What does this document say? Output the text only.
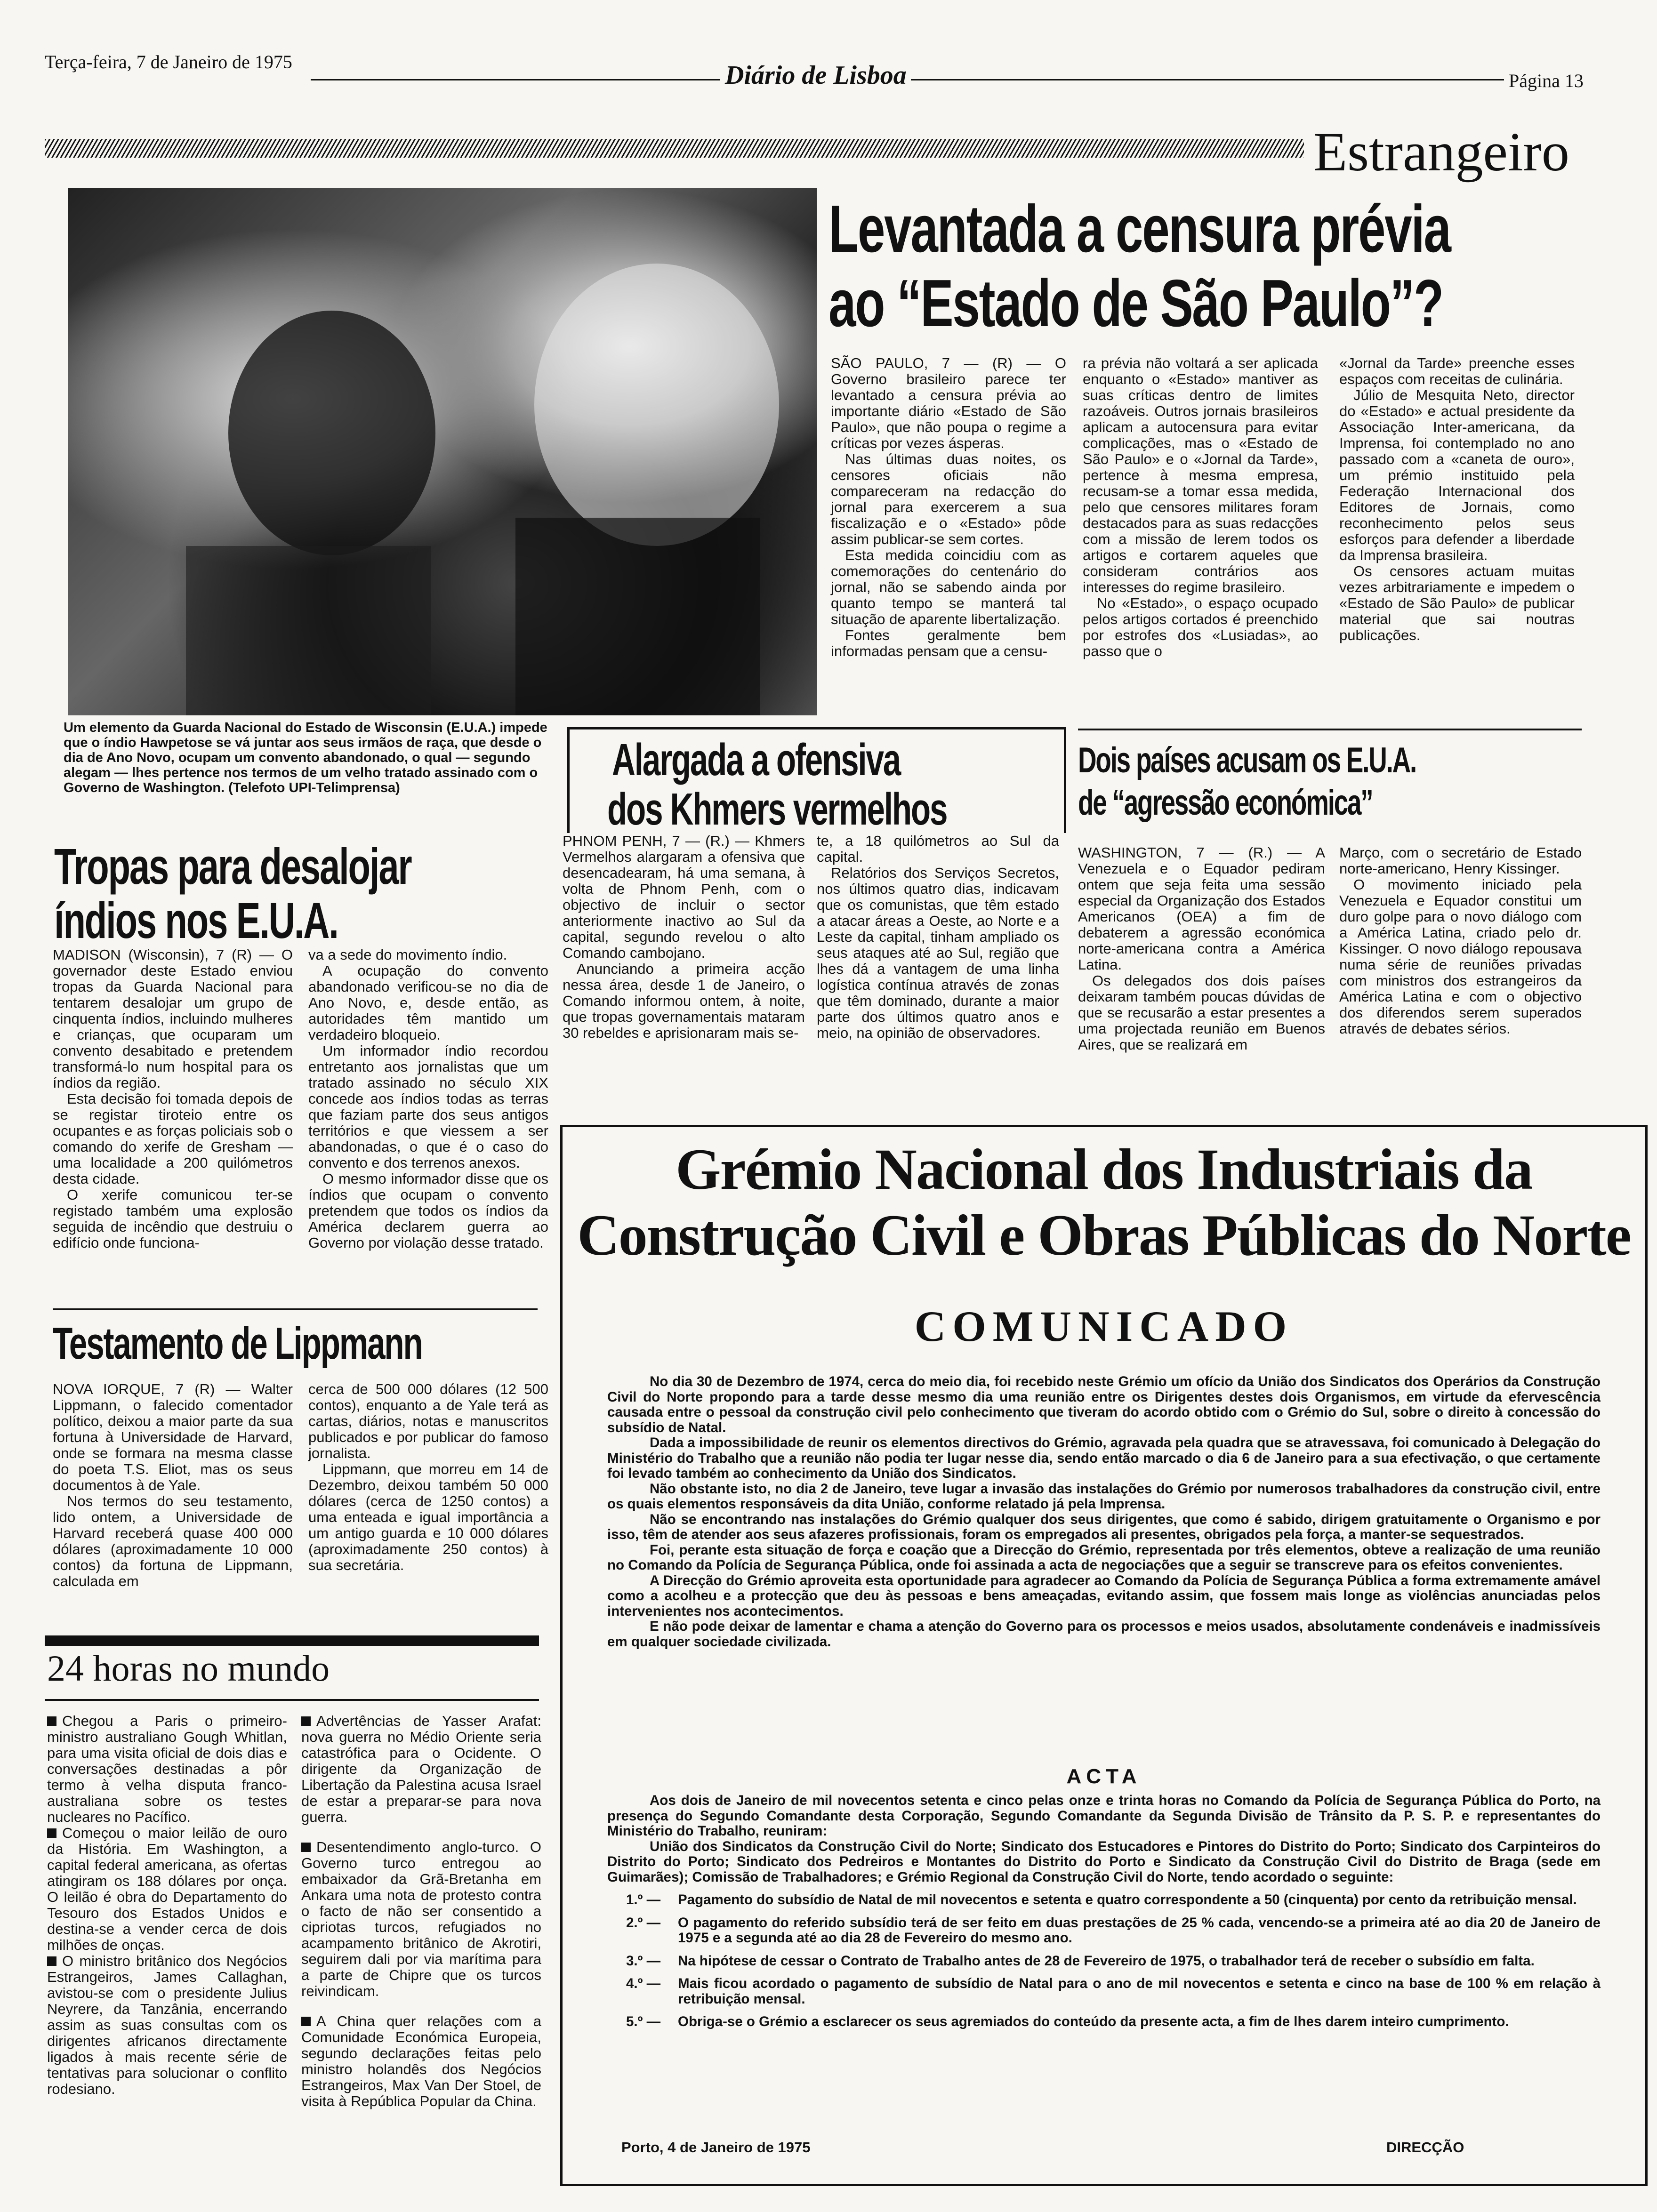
Terça-feira, 7 de Janeiro de 1975	Diário de Lisboa	Página 13
Estrangeiro
Um elemento da Guarda Nacional do Estado de Wisconsin (E.U.A.) impede que o índio Hawpetose se vá juntar aos seus irmãos de raça, que desde o dia de Ano Novo, ocupam um convento abandonado, o qual — segundo alegam — lhes pertence nos termos de um velho tratado assinado com o Governo de Washington. (Telefoto UPI-Telimprensa)
Levantada a censura prévia
ao “Estado de São Paulo”?

SÃO PAULO, 7 — (R) — O Governo brasileiro parece ter levantado a censura prévia ao importante diário «Estado de São Paulo», que não poupa o regime a críticas por vezes ásperas.

Nas últimas duas noites, os censores oficiais não compareceram na redacção do jornal para exercerem a sua fiscalização e o «Estado» pôde assim publicar-se sem cortes.

Esta medida coincidiu com as comemorações do centenário do jornal, não se sabendo ainda por quanto tempo se manterá tal situação de aparente libertalização.

Fontes geralmente bem informadas pensam que a censu-

ra prévia não voltará a ser aplicada enquanto o «Estado» mantiver as suas críticas dentro de limites razoáveis. Outros jornais brasileiros aplicam a autocensura para evitar complicações, mas o «Estado de São Paulo» e o «Jornal da Tarde», pertence à mesma empresa, recusam-se a tomar essa medida, pelo que censores militares foram destacados para as suas redacções com a missão de lerem todos os artigos e cortarem aqueles que consideram contrários aos interesses do regime brasileiro.

No «Estado», o espaço ocupado pelos artigos cortados é preenchido por estrofes dos «Lusiadas», ao passo que o

«Jornal da Tarde» preenche esses espaços com receitas de culinária.

Júlio de Mesquita Neto, director do «Estado» e actual presidente da Associação Inter-americana, da Imprensa, foi contemplado no ano passado com a «caneta de ouro», um prémio instituido pela Federação Internacional dos Editores de Jornais, como reconhecimento pelos seus esforços para defender a liberdade da Imprensa brasileira.

Os censores actuam muitas vezes arbitrariamente e impedem o «Estado de São Paulo» de publicar material que sai noutras publicações.

Alargada a ofensiva
dos Khmers vermelhos

PHNOM PENH, 7 — (R.) — Khmers Vermelhos alargaram a ofensiva que desencadearam, há uma semana, à volta de Phnom Penh, com o objectivo de incluir o sector anteriormente inactivo ao Sul da capital, segundo revelou o alto Comando cambojano.

Anunciando a primeira acção nessa área, desde 1 de Janeiro, o Comando informou ontem, à noite, que tropas governamentais mataram 30 rebeldes e aprisionaram mais se-

te, a 18 quilómetros ao Sul da capital.

Relatórios dos Serviços Secretos, nos últimos quatro dias, indicavam que os comunistas, que têm estado a atacar áreas a Oeste, ao Norte e a Leste da capital, tinham ampliado os seus ataques até ao Sul, região que lhes dá a vantagem de uma linha logística contínua através de zonas que têm dominado, durante a maior parte dos últimos quatro anos e meio, na opinião de observadores.

Dois países acusam os E.U.A.
de “agressão económica”

WASHINGTON, 7 — (R.) — A Venezuela e o Equador pediram ontem que seja feita uma sessão especial da Organização dos Estados Americanos (OEA) a fim de debaterem a agressão económica norte-americana contra a América Latina.

Os delegados dos dois países deixaram também poucas dúvidas de que se recusarão a estar presentes a uma projectada reunião em Buenos Aires, que se realizará em

Março, com o secretário de Estado norte-americano, Henry Kissinger.

O movimento iniciado pela Venezuela e Equador constitui um duro golpe para o novo diálogo com a América Latina, criado pelo dr. Kissinger. O novo diálogo repousava numa série de reuniões privadas com ministros dos estrangeiros da América Latina e com o objectivo dos diferendos serem superados através de debates sérios.

Tropas para desalojar
índios nos E.U.A.

MADISON (Wisconsin), 7 (R) — O governador deste Estado enviou tropas da Guarda Nacional para tentarem desalojar um grupo de cinquenta índios, incluindo mulheres e crianças, que ocuparam um convento desabitado e pretendem transformá-lo num hospital para os índios da região.

Esta decisão foi tomada depois de se registar tiroteio entre os ocupantes e as forças policiais sob o comando do xerife de Gresham — uma localidade a 200 quilómetros desta cidade.

O xerife comunicou ter-se registado também uma explosão seguida de incêndio que destruiu o edifício onde funciona-

va a sede do movimento índio.

A ocupação do convento abandonado verificou-se no dia de Ano Novo, e, desde então, as autoridades têm mantido um verdadeiro bloqueio.

Um informador índio recordou entretanto aos jornalistas que um tratado assinado no século XIX concede aos índios todas as terras que faziam parte dos seus antigos territórios e que viessem a ser abandonadas, o que é o caso do convento e dos terrenos anexos.

O mesmo informador disse que os índios que ocupam o convento pretendem que todos os índios da América declarem guerra ao Governo por violação desse tratado.

Testamento de Lippmann

NOVA IORQUE, 7 (R) — Walter Lippmann, o falecido comentador político, deixou a maior parte da sua fortuna à Universidade de Harvard, onde se formara na mesma classe do poeta T.S. Eliot, mas os seus documentos à de Yale.

Nos termos do seu testamento, lido ontem, a Universidade de Harvard receberá quase 400 000 dólares (aproximadamente 10 000 contos) da fortuna de Lippmann, calculada em

cerca de 500 000 dólares (12 500 contos), enquanto a de Yale terá as cartas, diários, notas e manuscritos publicados e por publicar do famoso jornalista.

Lippmann, que morreu em 14 de Dezembro, deixou também 50 000 dólares (cerca de 1250 contos) a uma enteada e igual importância a um antigo guarda e 10 000 dólares (aproximadamente 250 contos) à sua secretária.

24 horas no mundo

Chegou a Paris o primeiro-ministro australiano Gough Whitlan, para uma visita oficial de dois dias e conversações destinadas a pôr termo à velha disputa franco-australiana sobre os testes nucleares no Pacífico.

Começou o maior leilão de ouro da História. Em Washington, a capital federal americana, as ofertas atingiram os 188 dólares por onça. O leilão é obra do Departamento do Tesouro dos Estados Unidos e destina-se a vender cerca de dois milhões de onças.

O ministro britânico dos Negócios Estrangeiros, James Callaghan, avistou-se com o presidente Julius Neyrere, da Tanzânia, encerrando assim as suas consultas com os dirigentes africanos directamente ligados à mais recente série de tentativas para solucionar o conflito rodesiano.

Advertências de Yasser Arafat: nova guerra no Médio Oriente seria catastrófica para o Ocidente. O dirigente da Organização de Libertação da Palestina acusa Israel de estar a preparar-se para nova guerra.

Desentendimento anglo-turco. O Governo turco entregou ao embaixador da Grã-Bretanha em Ankara uma nota de protesto contra o facto de não ser consentido a cipriotas turcos, refugiados no acampamento britânico de Akrotiri, seguirem dali por via marítima para a parte de Chipre que os turcos reivindicam.

A China quer relações com a Comunidade Económica Europeia, segundo declarações feitas pelo ministro holandês dos Negócios Estrangeiros, Max Van Der Stoel, de visita à República Popular da China.

Grémio Nacional dos Industriais da
Construção Civil e Obras Públicas do Norte
COMUNICADO

No dia 30 de Dezembro de 1974, cerca do meio dia, foi recebido neste Grémio um ofício da União dos Sindicatos dos Operários da Construção Civil do Norte propondo para a tarde desse mesmo dia uma reunião entre os Dirigentes destes dois Organismos, em virtude da efervescência causada entre o pessoal da construção civil pelo conhecimento que tiveram do acordo obtido com o Grémio do Sul, sobre o direito à concessão do subsídio de Natal.

Dada a impossibilidade de reunir os elementos directivos do Grémio, agravada pela quadra que se atravessava, foi comunicado à Delegação do Ministério do Trabalho que a reunião não podia ter lugar nesse dia, sendo então marcado o dia 6 de Janeiro para a sua efectivação, o que certamente foi levado também ao conhecimento da União dos Sindicatos.

Não obstante isto, no dia 2 de Janeiro, teve lugar a invasão das instalações do Grémio por numerosos trabalhadores da construção civil, entre os quais elementos responsáveis da dita União, conforme relatado já pela Imprensa.

Não se encontrando nas instalações do Grémio qualquer dos seus dirigentes, que como é sabido, dirigem gratuitamente o Organismo e por isso, têm de atender aos seus afazeres profissionais, foram os empregados ali presentes, obrigados pela força, a manter-se sequestrados.

Foi, perante esta situação de força e coação que a Direcção do Grémio, representada por três elementos, obteve a realização de uma reunião no Comando da Polícia de Segurança Pública, onde foi assinada a acta de negociações que a seguir se transcreve para os efeitos convenientes.

A Direcção do Grémio aproveita esta oportunidade para agradecer ao Comando da Polícia de Segurança Pública a forma extremamente amável como a acolheu e a protecção que deu às pessoas e bens ameaçadas, evitando assim, que fossem mais longe as violências anunciadas pelos intervenientes nos acontecimentos.

E não pode deixar de lamentar e chama a atenção do Governo para os processos e meios usados, absolutamente condenáveis e inadmissíveis em qualquer sociedade civilizada.

ACTA

Aos dois de Janeiro de mil novecentos setenta e cinco pelas onze e trinta horas no Comando da Polícia de Segurança Pública do Porto, na presença do Segundo Comandante desta Corporação, Segundo Comandante da Segunda Divisão de Trânsito da P. S. P. e representantes do Ministério do Trabalho, reuniram:

União dos Sindicatos da Construção Civil do Norte; Sindicato dos Estucadores e Pintores do Distrito do Porto; Sindicato dos Carpinteiros do Distrito do Porto; Sindicato dos Pedreiros e Montantes do Distrito do Porto e Sindicato da Construção Civil do Distrito de Braga (sede em Guimarães); Comissão de Trabalhadores; e Grémio Regional da Construção Civil do Norte, tendo acordado o seguinte:

1.º —	Pagamento do subsídio de Natal de mil novecentos e setenta e quatro correspondente a 50 (cinquenta) por cento da retribuição mensal.
2.º —	O pagamento do referido subsídio terá de ser feito em duas prestações de 25 % cada, vencendo-se a primeira até ao dia 20 de Janeiro de 1975 e a segunda até ao dia 28 de Fevereiro do mesmo ano.
3.º —	Na hipótese de cessar o Contrato de Trabalho antes de 28 de Fevereiro de 1975, o trabalhador terá de receber o subsídio em falta.
4.º —	Mais ficou acordado o pagamento de subsídio de Natal para o ano de mil novecentos e setenta e cinco na base de 100 % em relação à retribuição mensal.
5.º —	Obriga-se o Grémio a esclarecer os seus agremiados do conteúdo da presente acta, a fim de lhes darem inteiro cumprimento.
Porto, 4 de Janeiro de 1975	DIRECÇÃO
